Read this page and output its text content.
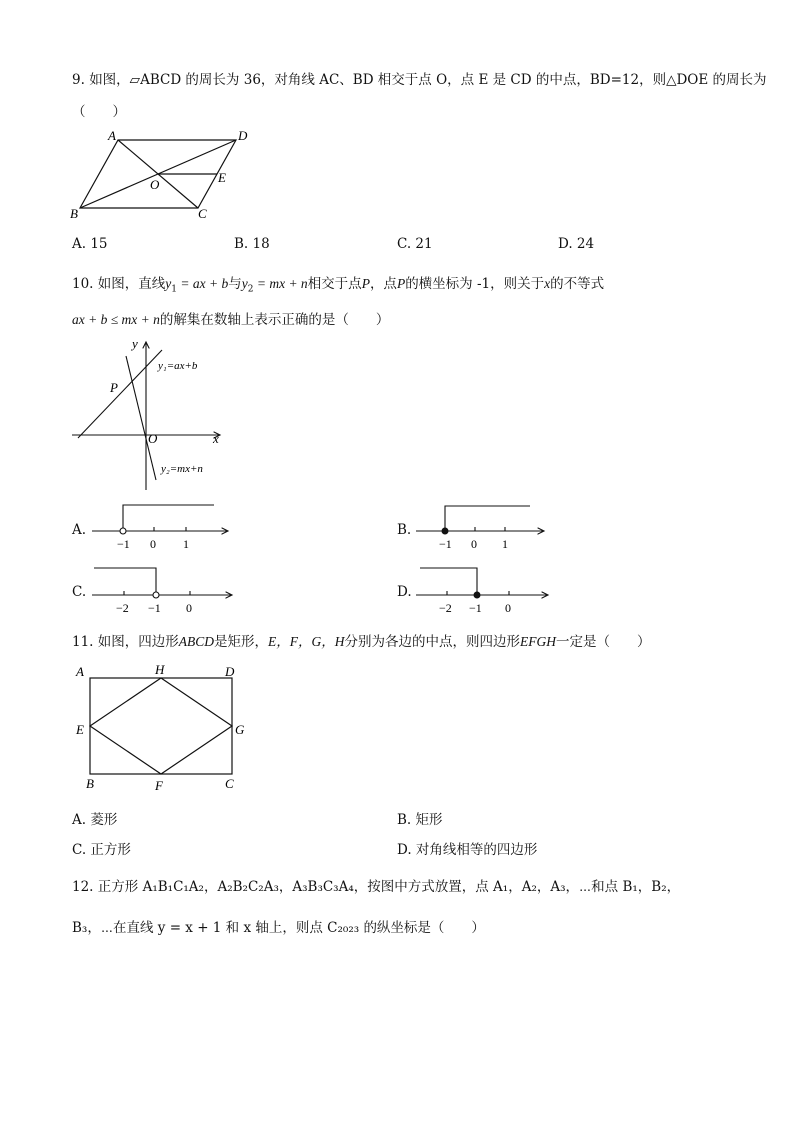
9. 如图，▱ABCD 的周长为 36，对角线 AC、BD 相交于点 O，点 E 是 CD 的中点，BD=12，则△DOE 的周长为
（　　）
A	D
B	C
O	E
A. 15	B. 18	C. 21	D. 24
10. 如图，直线$y_1$ = ax + b与$y_2$ = mx + n相交于点P，点P的横坐标为 -1，则关于x的不等式
ax + b ≤ mx + n的解集在数轴上表示正确的是（　　）
y
x
O
P
y₁=ax+b
y₂=mx+n
A.
−1 0 1
B.
−1 0 1
C.
−2 −1 0
D.
−2 −1 0
11. 如图，四边形ABCD是矩形，E，F，G，H分别为各边的中点，则四边形EFGH一定是（　　）
A	H	D
E	G
B	F	C
A. 菱形	B. 矩形
C. 正方形	D. 对角线相等的四边形
12. 正方形 A₁B₁C₁A₂，A₂B₂C₂A₃，A₃B₃C₃A₄，按图中方式放置，点 A₁，A₂，A₃，⋯和点 B₁，B₂，
B₃，⋯在直线 y = x + 1 和 x 轴上，则点 C₂₀₂₃ 的纵坐标是（　　）
